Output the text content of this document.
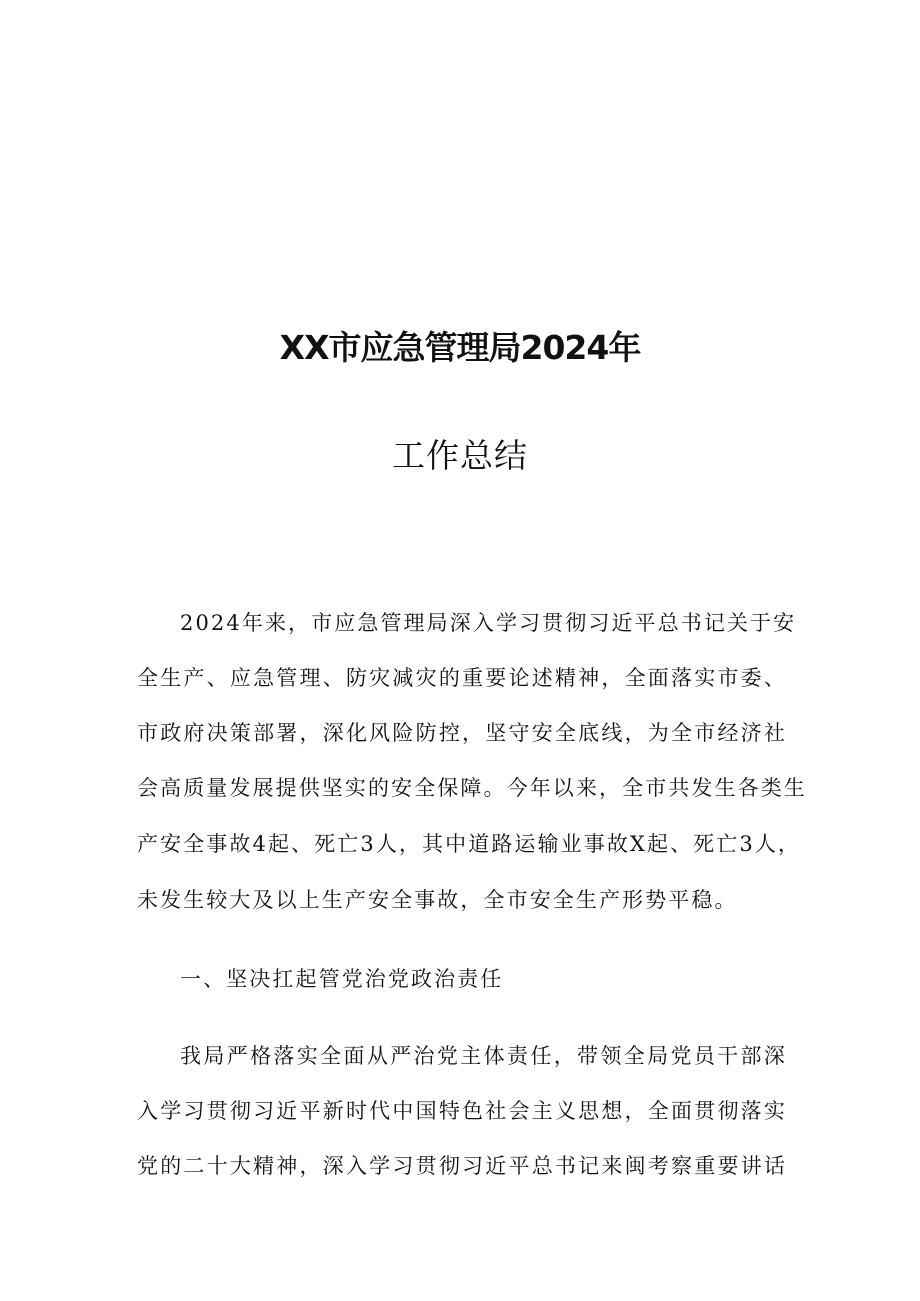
XX市应急管理局2024年
工作总结
2024年来，市应急管理局深入学习贯彻习近平总书记关于安
全生产、应急管理、防灾减灾的重要论述精神，全面落实市委、
市政府决策部署，深化风险防控，坚守安全底线，为全市经济社
会高质量发展提供坚实的安全保障。今年以来，全市共发生各类生
产安全事故4起、死亡3人，其中道路运输业事故X起、死亡3人，
未发生较大及以上生产安全事故，全市安全生产形势平稳。
一、坚决扛起管党治党政治责任
我局严格落实全面从严治党主体责任，带领全局党员干部深
入学习贯彻习近平新时代中国特色社会主义思想，全面贯彻落实
党的二十大精神，深入学习贯彻习近平总书记来闽考察重要讲话
